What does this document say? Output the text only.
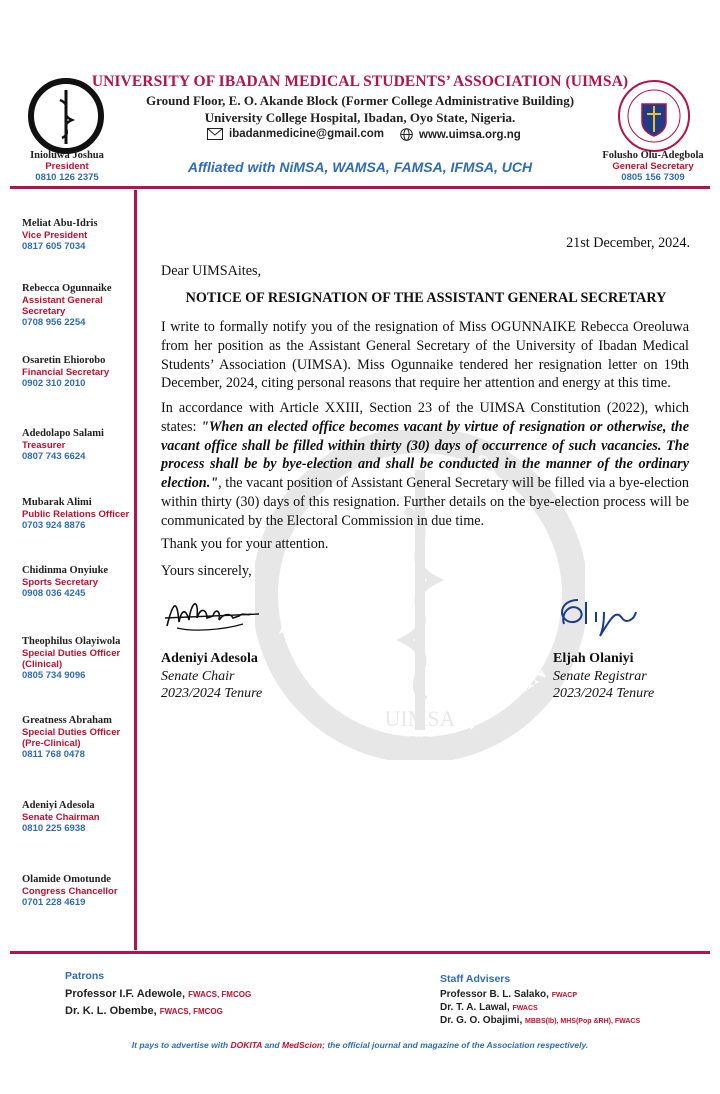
UIMSA
EST.
1960
UNIVE
STUDENTS
NOITAIN
Inioluwa Joshua
President
0810 126 2375
Folusho Olu-Adegbola
General Secretary
0805 156 7309
UNIVERSITY OF IBADAN MEDICAL STUDENTS’ ASSOCIATION (UIMSA)
Ground Floor, E. O. Akande Block (Former College Administrative Building)
University College Hospital, Ibadan, Oyo State, Nigeria.
ibadanmedicine@gmail.com	www.uimsa.org.ng
Affliated with NiMSA, WAMSA, FAMSA, IFMSA, UCH
Meliat Abu-Idris
Vice President
0817 605 7034
Rebecca Ogunnaike
Assistant General Secretary
0708 956 2254
Osaretin Ehiorobo
Financial Secretary
0902 310 2010
Adedolapo Salami
Treasurer
0807 743 6624
Mubarak Alimi
Public Relations Officer
0703 924 8876
Chidinma Onyiuke
Sports Secretary
0908 036 4245
Theophilus Olayiwola
Special Duties Officer
(Clinical)
0805 734 9096
Greatness Abraham
Special Duties Officer
(Pre-Clinical)
0811 768 0478
Adeniyi Adesola
Senate Chairman
0810 225 6938
Olamide Omotunde
Congress Chancellor
0701 228 4619
21st December, 2024.
Dear UIMSAites,
NOTICE OF RESIGNATION OF THE ASSISTANT GENERAL SECRETARY
I write to formally notify you of the resignation of Miss OGUNNAIKE Rebecca Oreoluwa from her position as the Assistant General Secretary of the University of Ibadan Medical Students’ Association (UIMSA). Miss Ogunnaike tendered her resignation letter on 19th December, 2024, citing personal reasons that require her attention and energy at this time.
In accordance with Article XXIII, Section 23 of the UIMSA Constitution (2022), which states: "When an elected office becomes vacant by virtue of resignation or otherwise, the vacant office shall be filled within thirty (30) days of occurrence of such vacancies. The process shall be by bye-election and shall be conducted in the manner of the ordinary election.", the vacant position of Assistant General Secretary will be filled via a bye-election within thirty (30) days of this resignation. Further details on the bye-election process will be communicated by the Electoral Commission in due time.
Thank you for your attention.
Yours sincerely,
Adeniyi Adesola
Senate Chair
2023/2024 Tenure
Eljah Olaniyi
Senate Registrar
2023/2024 Tenure
Patrons
Professor I.F. Adewole, FWACS, FMCOG
Dr. K. L. Obembe, FWACS, FMCOG
Staff Advisers
Professor B. L. Salako, FWACP
Dr. T. A. Lawal, FWACS
Dr. G. O. Obajimi, MBBS(Ib), MHS(Pop &RH), FWACS
It pays to advertise with DOKITA and MedScion; the official journal and magazine of the Association respectively.
